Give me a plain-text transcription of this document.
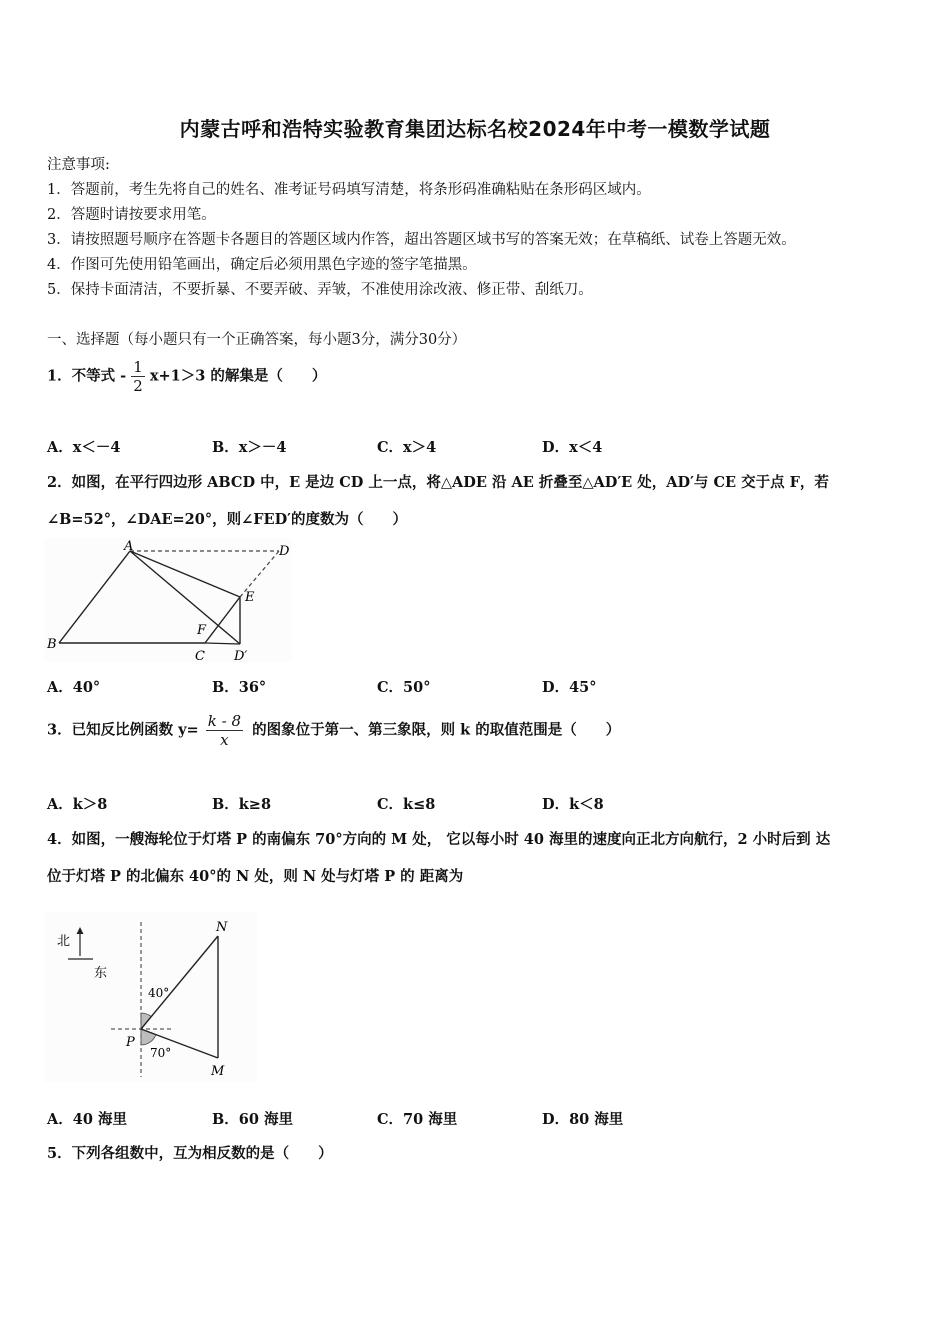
内蒙古呼和浩特实验教育集团达标名校2024年中考一模数学试题
注意事项:
1．答题前，考生先将自己的姓名、准考证号码填写清楚，将条形码准确粘贴在条形码区域内。
2．答题时请按要求用笔。
3．请按照题号顺序在答题卡各题目的答题区域内作答，超出答题区域书写的答案无效；在草稿纸、试卷上答题无效。
4．作图可先使用铅笔画出，确定后必须用黑色字迹的签字笔描黑。
5．保持卡面清洁，不要折暴、不要弄破、弄皱，不准使用涂改液、修正带、刮纸刀。
一、选择题（每小题只有一个正确答案，每小题3分，满分30分）
1．不等式 - $\frac{1}{2} x+1>3$ 的解集是（　　）
A．x＜－4	B．x＞－4	C．x＞4	D．x＜4
2．如图，在平行四边形 ABCD 中，E 是边 CD 上一点，将△ADE 沿 AE 折叠至△AD′E 处，AD′与 CE 交于点 F，若
∠B=52°，∠DAE=20°，则∠FED′的度数为（　　）
A
B
C
D
E
F
D′
A．40°	B．36°	C．50°	D．45°
3．已知反比例函数 $y= \frac{k - 8}{x}$ 的图象位于第一、第三象限，则 k 的取值范围是（　　）
A．k＞8	B．k≥8	C．k≤8	D．k＜8
4．如图，一艘海轮位于灯塔 P 的南偏东 70°方向的 M 处， 它以每小时 40 海里的速度向正北方向航行，2 小时后到 达
位于灯塔 P 的北偏东 40°的 N 处，则 N 处与灯塔 P 的 距离为
北
东
N
M
P
40°
70°
A．40 海里	B．60 海里	C．70 海里	D．80 海里
5．下列各组数中，互为相反数的是（　　）
